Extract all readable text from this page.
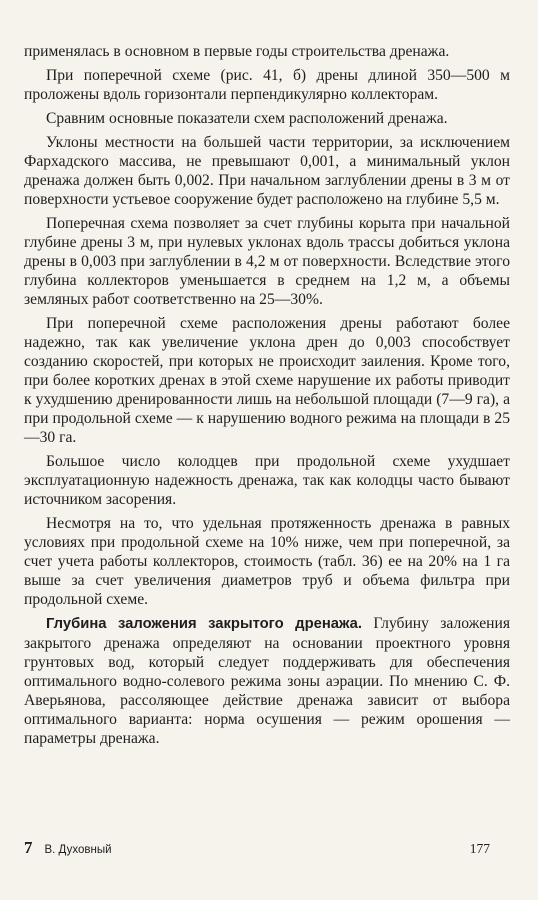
применялась в основном в первые годы строительства дренажа.

При поперечной схеме (рис. 41, б) дрены длиной 350—500 м проложены вдоль горизонтали перпендикулярно коллекторам.

Сравним основные показатели схем расположений дренажа.

Уклоны местности на большей части территории, за исключением Фархадского массива, не превышают 0,001, а минимальный уклон дренажа должен быть 0,002. При начальном заглублении дрены в 3 м от поверхности устьевое сооружение будет расположено на глубине 5,5 м.

Поперечная схема позволяет за счет глубины корыта при начальной глубине дрены 3 м, при нулевых уклонах вдоль трассы добиться уклона дрены в 0,003 при заглублении в 4,2 м от поверхности. Вследствие этого глубина коллекторов уменьшается в среднем на 1,2 м, а объемы земляных работ соответственно на 25—30%.

При поперечной схеме расположения дрены работают более надежно, так как увеличение уклона дрен до 0,003 способствует созданию скоростей, при которых не происходит заиления. Кроме того, при более коротких дренах в этой схеме нарушение их работы приводит к ухудшению дренированности лишь на небольшой площади (7—9 га), а при продольной схеме — к нарушению водного режима на площади в 25—30 га.

Большое число колодцев при продольной схеме ухудшает эксплуатационную надежность дренажа, так как колодцы часто бывают источником засорения.

Несмотря на то, что удельная протяженность дренажа в равных условиях при продольной схеме на 10% ниже, чем при поперечной, за счет учета работы коллекторов, стоимость (табл. 36) ее на 20% на 1 га выше за счет увеличения диаметров труб и объема фильтра при продольной схеме.

Глубина заложения закрытого дренажа. Глубину заложения закрытого дренажа определяют на основании проектного уровня грунтовых вод, который следует поддерживать для обеспечения оптимального водно-солевого режима зоны аэрации. По мнению С. Ф. Аверьянова, рассоляющее действие дренажа зависит от выбора оптимального варианта: норма осушения — режим орошения — параметры дренажа.

7 В. Духовный	177
